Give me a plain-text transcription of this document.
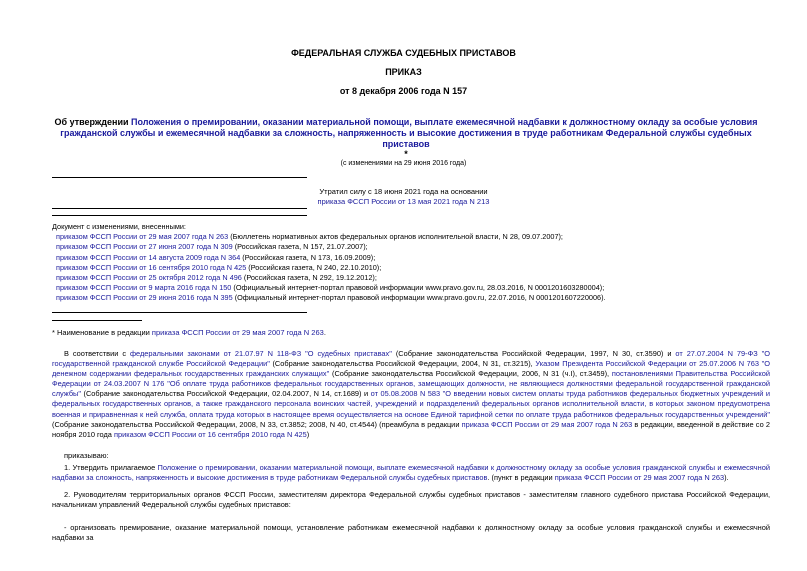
ФЕДЕРАЛЬНАЯ СЛУЖБА СУДЕБНЫХ ПРИСТАВОВ
ПРИКАЗ
от 8 декабря 2006 года N 157
Об утверждении Положения о премировании, оказании материальной помощи, выплате ежемесячной надбавки к должностному окладу за особые условия гражданской службы и ежемесячной надбавки за сложность, напряженность и высокие достижения в труде работникам Федеральной службы судебных приставов
*
(с изменениями на 29 июня 2016 года)
Утратил силу с 18 июня 2021 года на основании
приказа ФССП России от 13 мая 2021 года N 213
Документ с изменениями, внесенными:
приказом ФССП России от 29 мая 2007 года N 263 (Бюллетень нормативных актов федеральных органов исполнительной власти, N 28, 09.07.2007);
приказом ФССП России от 27 июня 2007 года N 309 (Российская газета, N 157, 21.07.2007);
приказом ФССП России от 14 августа 2009 года N 364 (Российская газета, N 173, 16.09.2009);
приказом ФССП России от 16 сентября 2010 года N 425 (Российская газета, N 240, 22.10.2010);
приказом ФССП России от 25 октября 2012 года N 496 (Российская газета, N 292, 19.12.2012);
приказом ФССП России от 9 марта 2016 года N 150 (Официальный интернет-портал правовой информации www.pravo.gov.ru, 28.03.2016, N 0001201603280004);
приказом ФССП России от 29 июня 2016 года N 395 (Официальный интернет-портал правовой информации www.pravo.gov.ru, 22.07.2016, N 0001201607220006).
* Наименование в редакции приказа ФССП России от 29 мая 2007 года N 263.
В соответствии с федеральными законами от 21.07.97 N 118-ФЗ "О судебных приставах" (Собрание законодательства Российской Федерации, 1997, N 30, ст.3590) и от 27.07.2004 N 79-ФЗ "О государственной гражданской службе Российской Федерации" (Собрание законодательства Российской Федерации, 2004, N 31, ст.3215), Указом Президента Российской Федерации от 25.07.2006 N 763 "О денежном содержании федеральных государственных гражданских служащих" (Собрание законодательства Российской Федерации, 2006, N 31 (ч.I), ст.3459), постановлениями Правительства Российской Федерации от 24.03.2007 N 176 "Об оплате труда работников федеральных государственных органов, замещающих должности, не являющиеся должностями федеральной государственной гражданской службы" (Собрание законодательства Российской Федерации, 02.04.2007, N 14, ст.1689) и от 05.08.2008 N 583 "О введении новых систем оплаты труда работников федеральных бюджетных учреждений и федеральных государственных органов, а также гражданского персонала воинских частей, учреждений и подразделений федеральных органов исполнительной власти, в которых законом предусмотрена военная и приравненная к ней служба, оплата труда которых в настоящее время осуществляется на основе Единой тарифной сетки по оплате труда работников федеральных государственных учреждений" (Собрание законодательства Российской Федерации, 2008, N 33, ст.3852; 2008, N 40, ст.4544) (преамбула в редакции приказа ФССП России от 29 мая 2007 года N 263 в редакции, введенной в действие со 2 ноября 2010 года приказом ФССП России от 16 сентября 2010 года N 425)
приказываю:
1. Утвердить прилагаемое Положение о премировании, оказании материальной помощи, выплате ежемесячной надбавки к должностному окладу за особые условия гражданской службы и ежемесячной надбавки за сложность, напряженность и высокие достижения в труде работникам Федеральной службы судебных приставов. (пункт в редакции приказа ФССП России от 29 мая 2007 года N 263).
2. Руководителям территориальных органов ФССП России, заместителям директора Федеральной службы судебных приставов - заместителям главного судебного пристава Российской Федерации, начальникам управлений Федеральной службы судебных приставов:
- организовать премирование, оказание материальной помощи, установление работникам ежемесячной надбавки к должностному окладу за особые условия гражданской службы и ежемесячной надбавки за
